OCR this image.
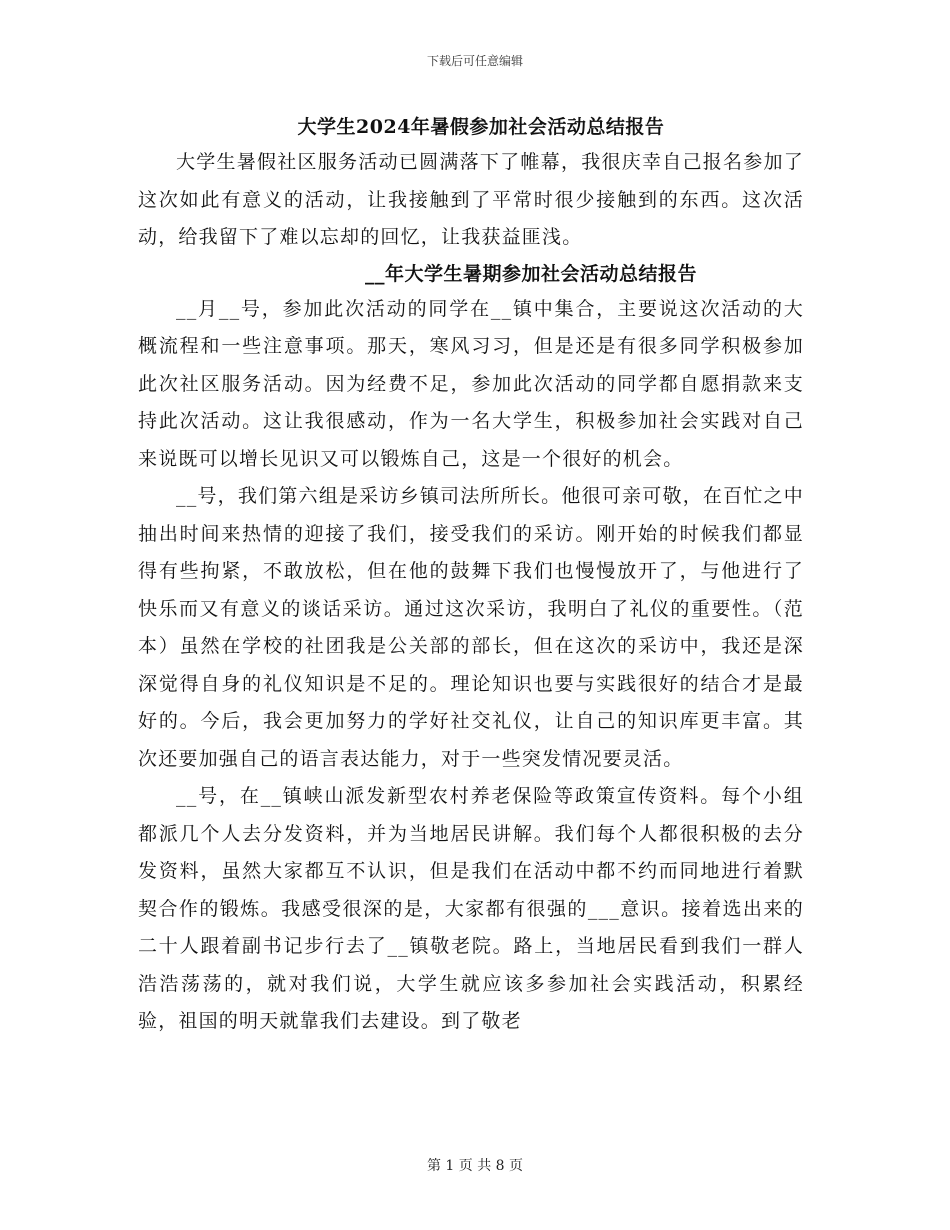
下载后可任意编辑

大学生2024年暑假参加社会活动总结报告

大学生暑假社区服务活动已圆满落下了帷幕，我很庆幸自己报名参加了这次如此有意义的活动，让我接触到了平常时很少接触到的东西。这次活动，给我留下了难以忘却的回忆，让我获益匪浅。

__年大学生暑期参加社会活动总结报告

__月__号，参加此次活动的同学在__镇中集合，主要说这次活动的大概流程和一些注意事项。那天，寒风习习，但是还是有很多同学积极参加此次社区服务活动。因为经费不足，参加此次活动的同学都自愿捐款来支持此次活动。这让我很感动，作为一名大学生，积极参加社会实践对自己来说既可以增长见识又可以锻炼自己，这是一个很好的机会。

__号，我们第六组是采访乡镇司法所所长。他很可亲可敬，在百忙之中抽出时间来热情的迎接了我们，接受我们的采访。刚开始的时候我们都显得有些拘紧，不敢放松，但在他的鼓舞下我们也慢慢放开了，与他进行了快乐而又有意义的谈话采访。通过这次采访，我明白了礼仪的重要性。（范本）虽然在学校的社团我是公关部的部长，但在这次的采访中，我还是深深觉得自身的礼仪知识是不足的。理论知识也要与实践很好的结合才是最好的。今后，我会更加努力的学好社交礼仪，让自己的知识库更丰富。其次还要加强自己的语言表达能力，对于一些突发情况要灵活。

__号，在__镇峡山派发新型农村养老保险等政策宣传资料。每个小组都派几个人去分发资料，并为当地居民讲解。我们每个人都很积极的去分发资料，虽然大家都互不认识，但是我们在活动中都不约而同地进行着默契合作的锻炼。我感受很深的是，大家都有很强的___意识。接着选出来的二十人跟着副书记步行去了__镇敬老院。路上，当地居民看到我们一群人浩浩荡荡的，就对我们说，大学生就应该多参加社会实践活动，积累经验，祖国的明天就靠我们去建设。到了敬老

第 1 页 共 8 页
